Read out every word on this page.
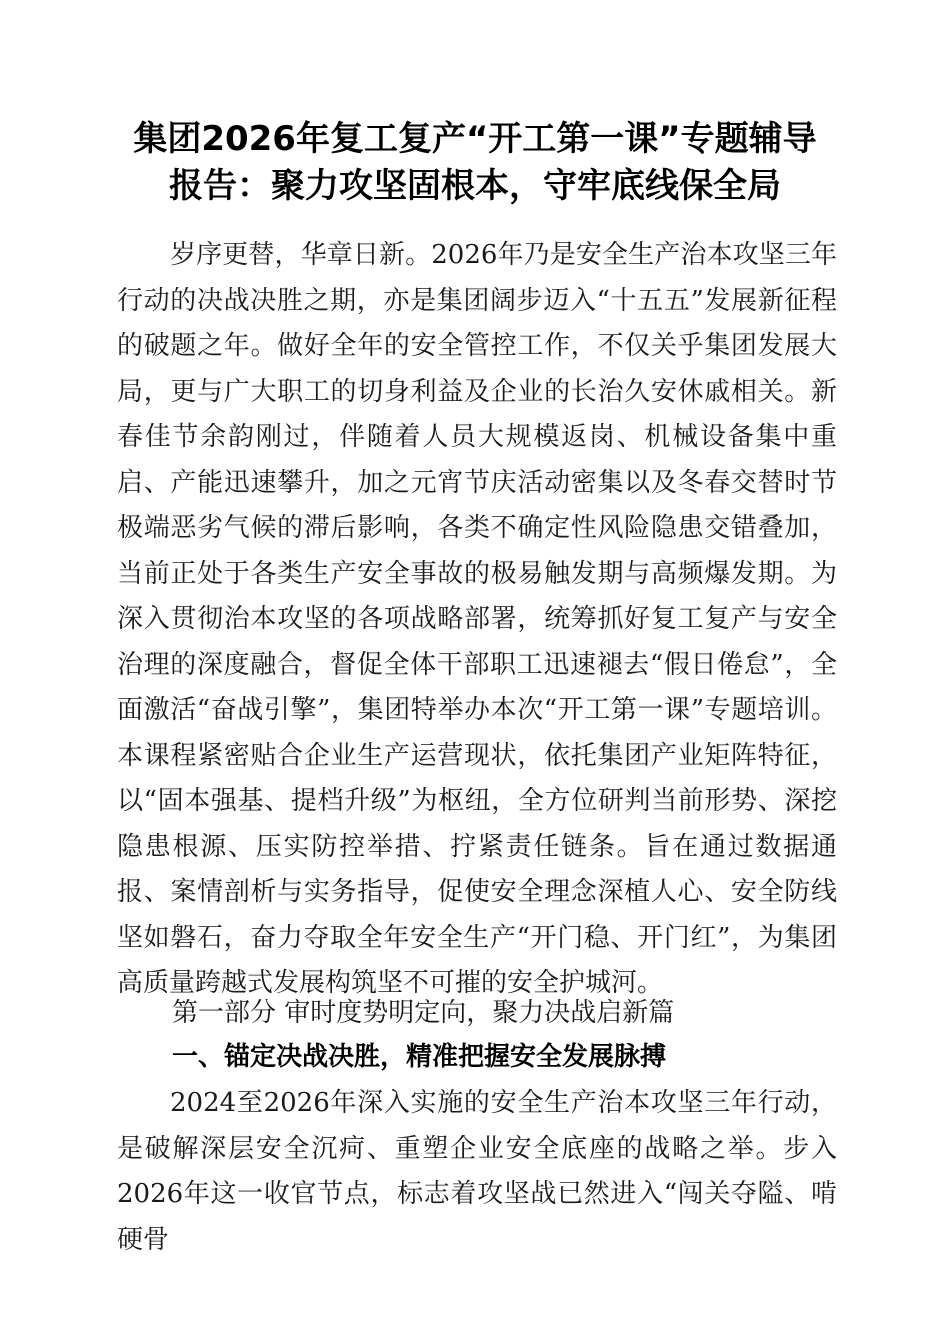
集团2026年复工复产“开工第一课”专题辅导
报告：聚力攻坚固根本，守牢底线保全局
岁序更替，华章日新。2026年乃是安全生产治本攻坚三年行动的决战决胜之期，亦是集团阔步迈入“十五五”发展新征程的破题之年。做好全年的安全管控工作，不仅关乎集团发展大局，更与广大职工的切身利益及企业的长治久安休戚相关。新春佳节余韵刚过，伴随着人员大规模返岗、机械设备集中重启、产能迅速攀升，加之元宵节庆活动密集以及冬春交替时节极端恶劣气候的滞后影响，各类不确定性风险隐患交错叠加，当前正处于各类生产安全事故的极易触发期与高频爆发期。为深入贯彻治本攻坚的各项战略部署，统筹抓好复工复产与安全治理的深度融合，督促全体干部职工迅速褪去“假日倦怠”，全面激活“奋战引擎”，集团特举办本次“开工第一课”专题培训。本课程紧密贴合企业生产运营现状，依托集团产业矩阵特征，以“固本强基、提档升级”为枢纽，全方位研判当前形势、深挖隐患根源、压实防控举措、拧紧责任链条。旨在通过数据通报、案情剖析与实务指导，促使安全理念深植人心、安全防线坚如磐石，奋力夺取全年安全生产“开门稳、开门红”，为集团高质量跨越式发展构筑坚不可摧的安全护城河。
第一部分 审时度势明定向，聚力决战启新篇
一、锚定决战决胜，精准把握安全发展脉搏
2024至2026年深入实施的安全生产治本攻坚三年行动，是破解深层安全沉疴、重塑企业安全底座的战略之举。步入2026年这一收官节点，标志着攻坚战已然进入“闯关夺隘、啃硬骨
